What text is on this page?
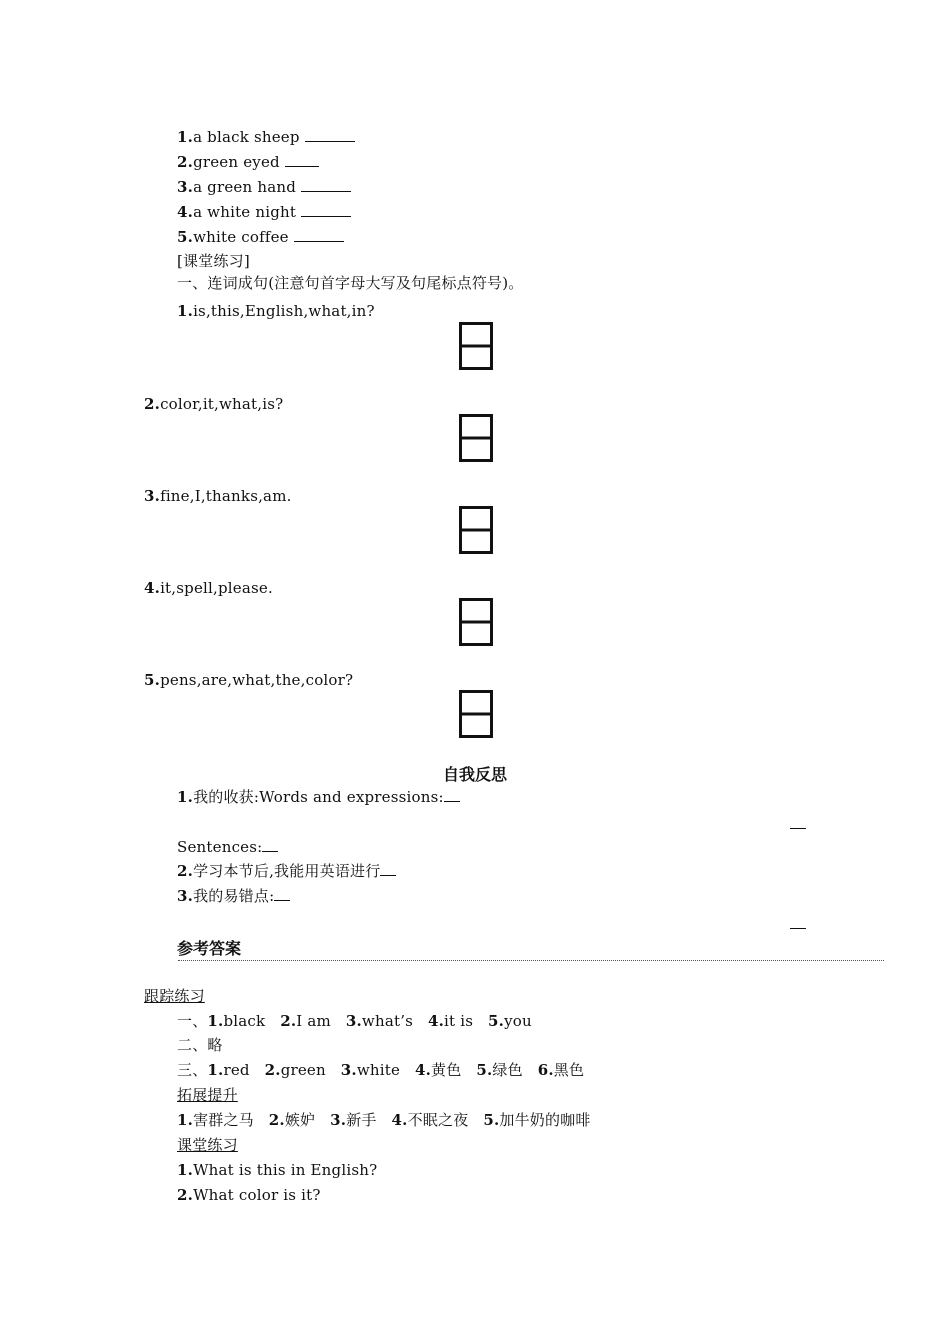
1.a black sheep
2.green eyed
3.a green hand
4.a white night
5.white coffee
[课堂练习]
一、连词成句(注意句首字母大写及句尾标点符号)。
1.is,this,English,what,in?
2.color,it,what,is?
3.fine,I,thanks,am.
4.it,spell,please.
5.pens,are,what,the,color?
自我反思
1.我的收获:Words and expressions:
Sentences:
2.学习本节后,我能用英语进行
3.我的易错点:
参考答案
跟踪练习
一、1.black 2.I am 3.what’s 4.it is 5.you
二、略
三、1.red 2.green 3.white 4.黄色 5.绿色 6.黑色
拓展提升
1.害群之马 2.嫉妒 3.新手 4.不眠之夜 5.加牛奶的咖啡
课堂练习
1.What is this in English?
2.What color is it?
